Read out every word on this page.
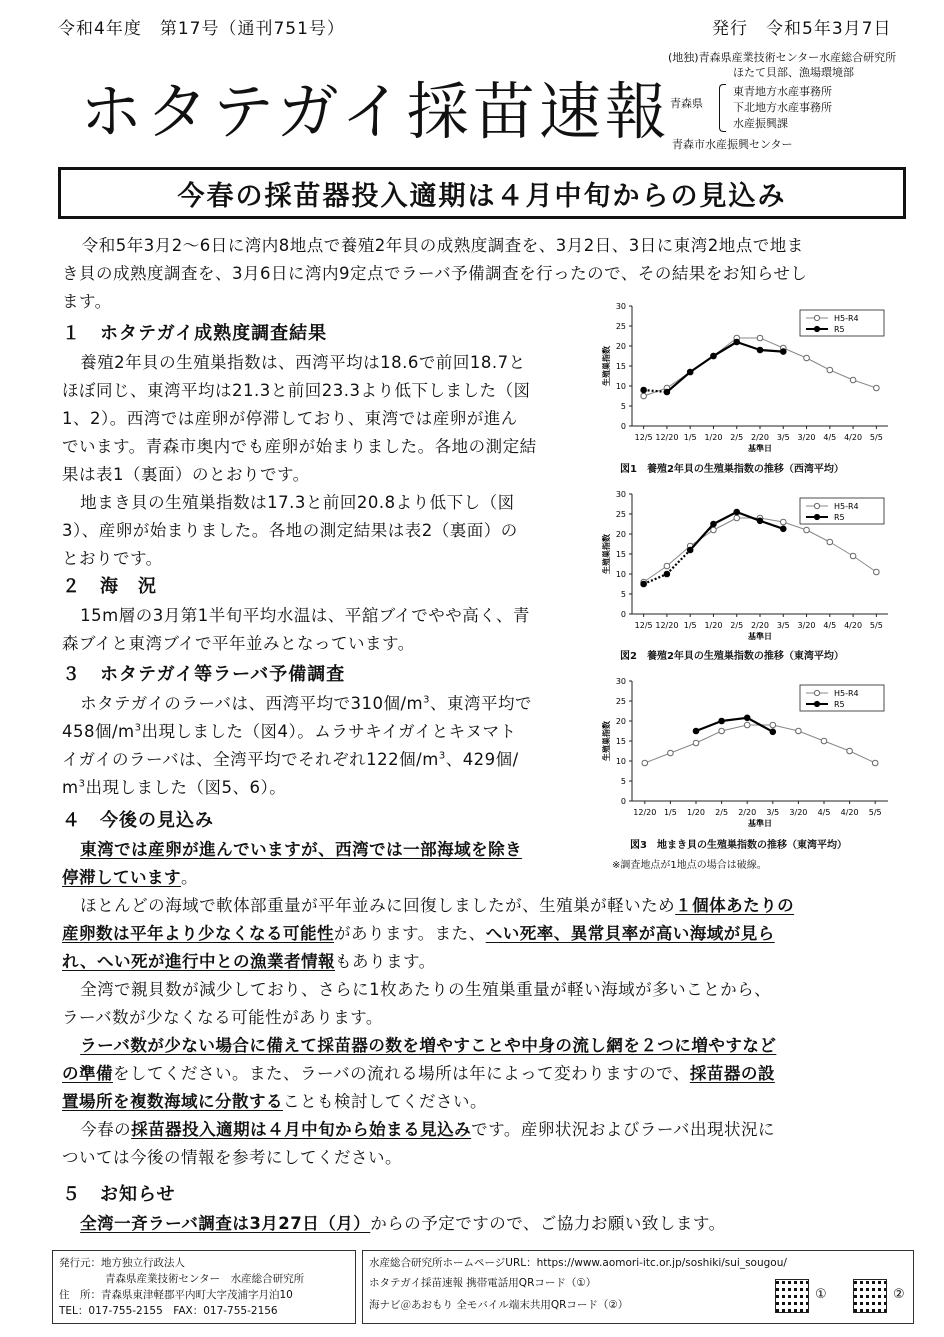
令和4年度　第17号（通刊751号）	発行　令和5年3月7日
ホタテガイ採苗速報
(地独)青森県産業技術センター水産総合研究所
ほたて貝部、漁場環境部
青森県
東青地方水産事務所
下北地方水産事務所
水産振興課
青森市水産振興センター
今春の採苗器投入適期は４月中旬からの見込み
令和5年3月2～6日に湾内8地点で養殖2年貝の成熟度調査を、3月2日、3日に東湾2地点で地ま
き貝の成熟度調査を、3月6日に湾内9定点でラーバ予備調査を行ったので、その結果をお知らせし
ます。
１　ホタテガイ成熟度調査結果
養殖2年貝の生殖巣指数は、西湾平均は18.6で前回18.7と
ほぼ同じ、東湾平均は21.3と前回23.3より低下しました（図
1、2）。西湾では産卵が停滞しており、東湾では産卵が進ん
でいます。青森市奥内でも産卵が始まりました。各地の測定結
果は表1（裏面）のとおりです。
地まき貝の生殖巣指数は17.3と前回20.8より低下し（図
3）、産卵が始まりました。各地の測定結果は表2（裏面）の
とおりです。
２　海　況
15m層の3月第1半旬平均水温は、平舘ブイでやや高く、青
森ブイと東湾ブイで平年並みとなっています。
３　ホタテガイ等ラーバ予備調査
ホタテガイのラーバは、西湾平均で310個$/m^3$、東湾平均で
458個$/m^3$出現しました（図4）。ムラサキイガイとキヌマト
イガイのラーバは、全湾平均でそれぞれ122個$/m^3$、429個/
$m^3$出現しました（図5、6）。
４　今後の見込み
東湾では産卵が進んでいますが、西湾では一部海域を除き
停滞しています。
ほとんどの海域で軟体部重量が平年並みに回復しましたが、生殖巣が軽いため１個体あたりの
産卵数は平年より少なくなる可能性があります。また、へい死率、異常貝率が高い海域が見ら
れ、へい死が進行中との漁業者情報もあります。
全湾で親貝数が減少しており、さらに1枚あたりの生殖巣重量が軽い海域が多いことから、
ラーバ数が少なくなる可能性があります。
ラーバ数が少ない場合に備えて採苗器の数を増やすことや中身の流し網を２つに増やすなど
の準備をしてください。また、ラーバの流れる場所は年によって変わりますので、採苗器の設
置場所を複数海域に分散することも検討してください。
今春の採苗器投入適期は４月中旬から始まる見込みです。産卵状況およびラーバ出現状況に
ついては今後の情報を参考にしてください。
５　お知らせ
全湾一斉ラーバ調査は3月27日（月）からの予定ですので、ご協力お願い致します。
0
5
10
15
20
25
30
12/5 12/20 1/5 1/20 2/5 2/20 3/5 3/20 4/5 4/20 5/5
基準日
生殖巣指数
H5-R4
R5
図1　養殖2年貝の生殖巣指数の推移（西湾平均）
0
5
10
15
20
25
30
12/5 12/20 1/5 1/20 2/5 2/20 3/5 3/20 4/5 4/20 5/5
基準日
生殖巣指数
H5-R4
R5
図2　養殖2年貝の生殖巣指数の推移（東湾平均）
0
5
10
15
20
25
30
12/20 1/5 1/20 2/5 2/20 3/5 3/20 4/5 4/20 5/5
基準日
生殖巣指数
H5-R4
R5
図3　地まき貝の生殖巣指数の推移（東湾平均）
※調査地点が1地点の場合は破線。
発行元：地方独立行政法人
青森県産業技術センター　水産総合研究所
住　所：青森県東津軽郡平内町大字茂浦字月泊10
TEL：017-755-2155　FAX：017-755-2156
水産総合研究所ホームページURL：https://www.aomori-itc.or.jp/soshiki/sui_sougou/
ホタテガイ採苗速報 携帯電話用QRコード（①）
海ナビ＠あおもり 全モバイル端末共用QRコード（②）
①	②
